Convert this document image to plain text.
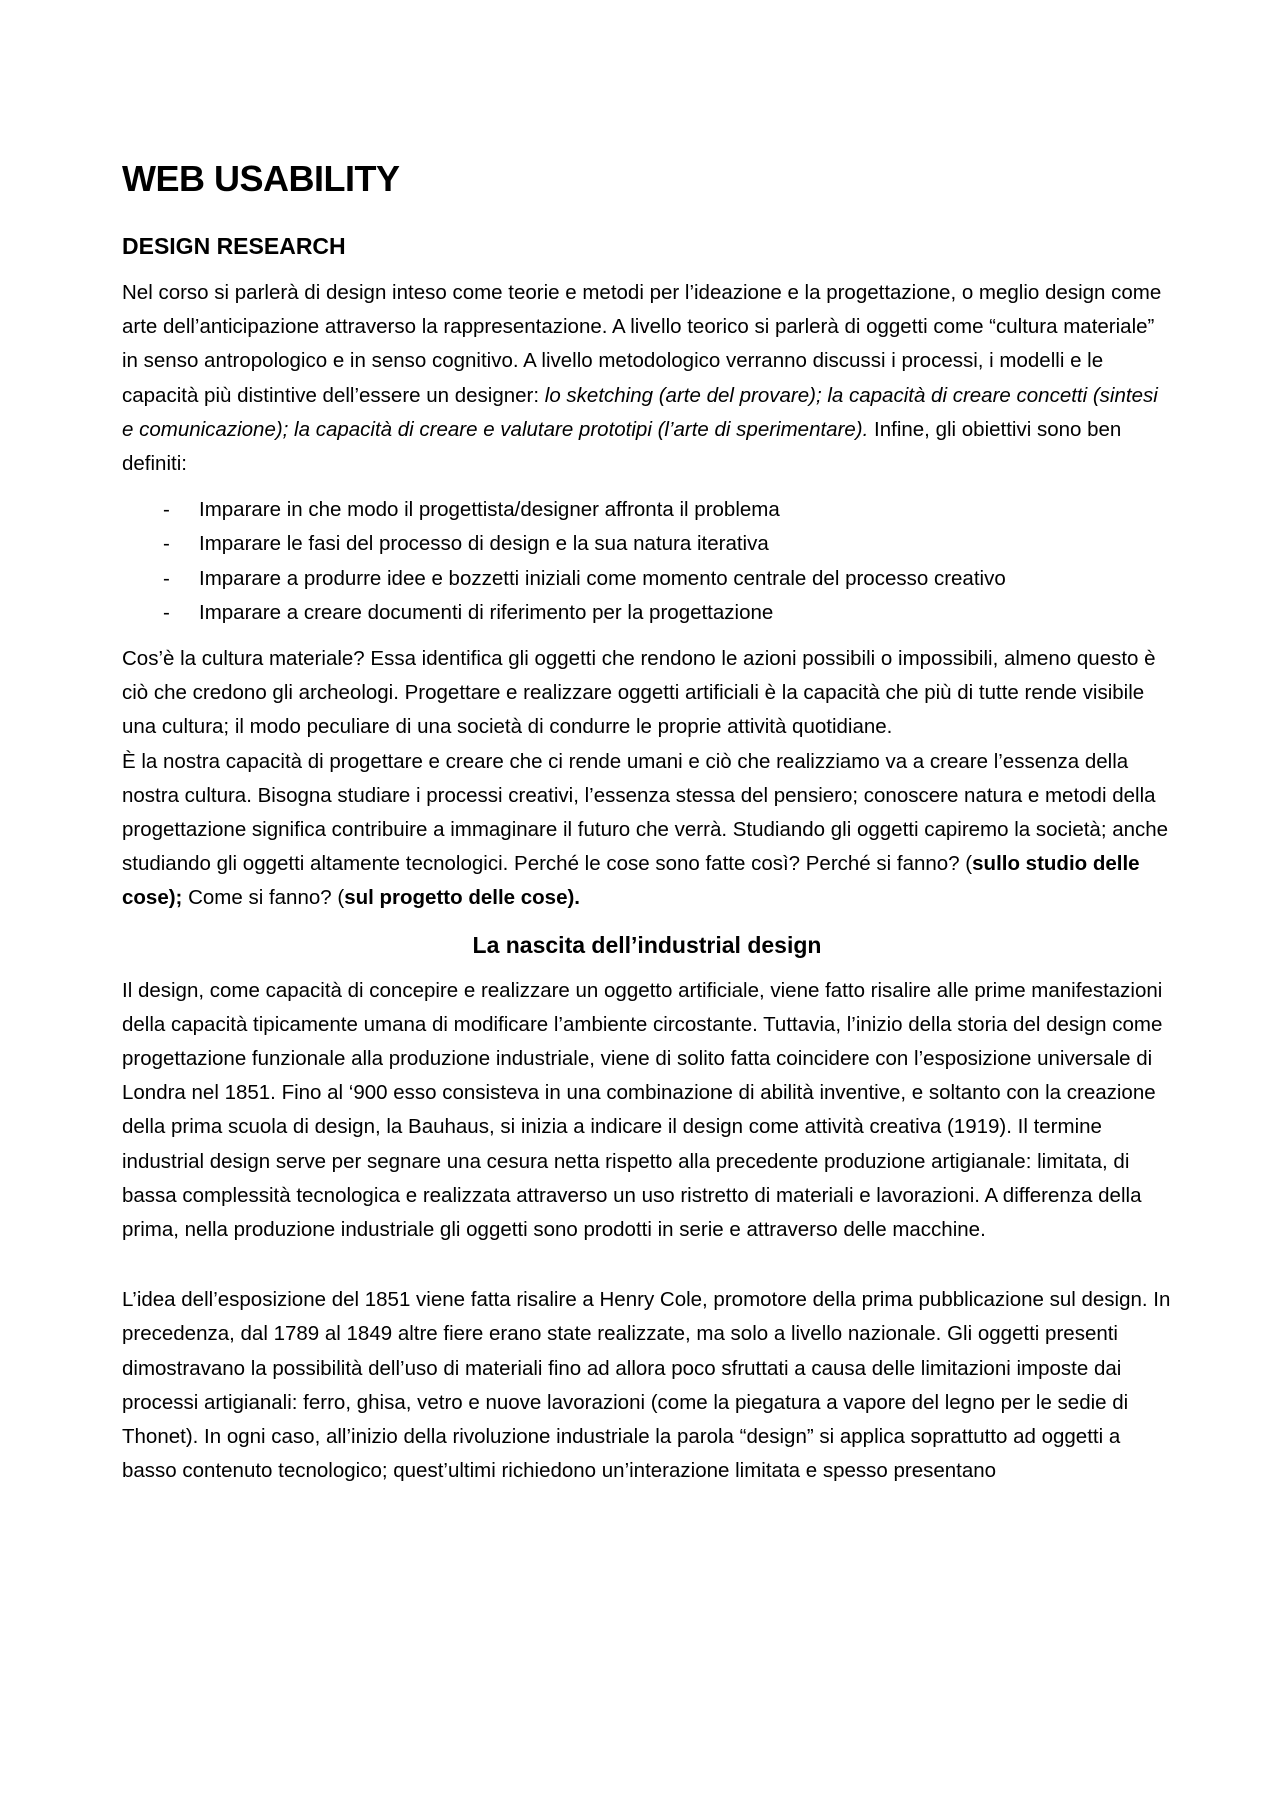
WEB USABILITY
DESIGN RESEARCH

Nel corso si parlerà di design inteso come teorie e metodi per l’ideazione e la progettazione, o meglio design come arte dell’anticipazione attraverso la rappresentazione. A livello teorico si parlerà di oggetti come “cultura materiale” in senso antropologico e in senso cognitivo. A livello metodologico verranno discussi i processi, i modelli e le capacità più distintive dell’essere un designer: lo sketching (arte del provare); la capacità di creare concetti (sintesi e comunicazione); la capacità di creare e valutare prototipi (l’arte di sperimentare). Infine, gli obiettivi sono ben definiti:

- Imparare in che modo il progettista/designer affronta il problema
- Imparare le fasi del processo di design e la sua natura iterativa
- Imparare a produrre idee e bozzetti iniziali come momento centrale del processo creativo
- Imparare a creare documenti di riferimento per la progettazione

Cos’è la cultura materiale? Essa identifica gli oggetti che rendono le azioni possibili o impossibili, almeno questo è ciò che credono gli archeologi. Progettare e realizzare oggetti artificiali è la capacità che più di tutte rende visibile una cultura; il modo peculiare di una società di condurre le proprie attività quotidiane.

È la nostra capacità di progettare e creare che ci rende umani e ciò che realizziamo va a creare l’essenza della nostra cultura. Bisogna studiare i processi creativi, l’essenza stessa del pensiero; conoscere natura e metodi della progettazione significa contribuire a immaginare il futuro che verrà. Studiando gli oggetti capiremo la società; anche studiando gli oggetti altamente tecnologici. Perché le cose sono fatte così? Perché si fanno? (sullo studio delle cose); Come si fanno? (sul progetto delle cose).

La nascita dell’industrial design

Il design, come capacità di concepire e realizzare un oggetto artificiale, viene fatto risalire alle prime manifestazioni della capacità tipicamente umana di modificare l’ambiente circostante. Tuttavia, l’inizio della storia del design come progettazione funzionale alla produzione industriale, viene di solito fatta coincidere con l’esposizione universale di Londra nel 1851. Fino al ‘900 esso consisteva in una combinazione di abilità inventive, e soltanto con la creazione della prima scuola di design, la Bauhaus, si inizia a indicare il design come attività creativa (1919). Il termine industrial design serve per segnare una cesura netta rispetto alla precedente produzione artigianale: limitata, di bassa complessità tecnologica e realizzata attraverso un uso ristretto di materiali e lavorazioni. A differenza della prima, nella produzione industriale gli oggetti sono prodotti in serie e attraverso delle macchine.

L’idea dell’esposizione del 1851 viene fatta risalire a Henry Cole, promotore della prima pubblicazione sul design. In precedenza, dal 1789 al 1849 altre fiere erano state realizzate, ma solo a livello nazionale. Gli oggetti presenti dimostravano la possibilità dell’uso di materiali fino ad allora poco sfruttati a causa delle limitazioni imposte dai processi artigianali: ferro, ghisa, vetro e nuove lavorazioni (come la piegatura a vapore del legno per le sedie di Thonet). In ogni caso, all’inizio della rivoluzione industriale la parola “design” si applica soprattutto ad oggetti a basso contenuto tecnologico; quest’ultimi richiedono un’interazione limitata e spesso presentano
